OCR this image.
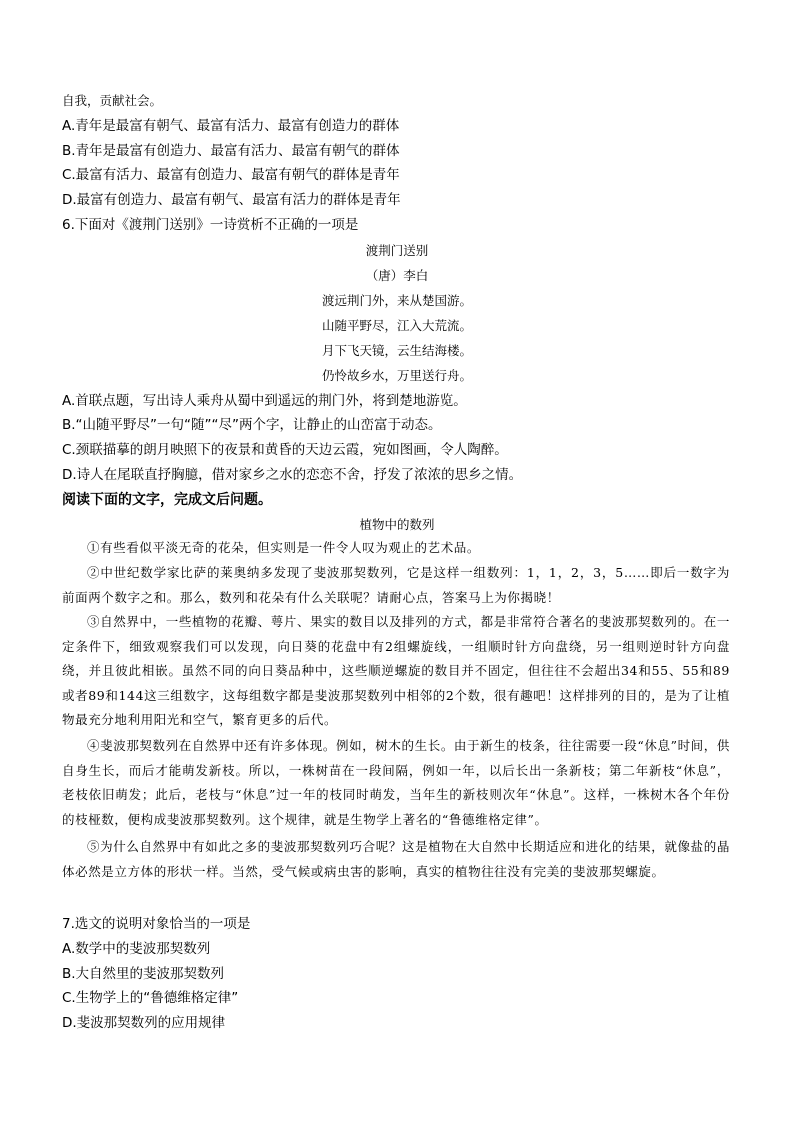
自我，贡献社会。
A.青年是最富有朝气、最富有活力、最富有创造力的群体
B.青年是最富有创造力、最富有活力、最富有朝气的群体
C.最富有活力、最富有创造力、最富有朝气的群体是青年
D.最富有创造力、最富有朝气、最富有活力的群体是青年
6.下面对《渡荆门送别》一诗赏析不正确的一项是
渡荆门送别
（唐）李白
渡远荆门外，来从楚国游。
山随平野尽，江入大荒流。
月下飞天镜，云生结海楼。
仍怜故乡水，万里送行舟。
A.首联点题，写出诗人乘舟从蜀中到遥远的荆门外，将到楚地游览。
B.“山随平野尽”一句“随”“尽”两个字，让静止的山峦富于动态。
C.颈联描摹的朗月映照下的夜景和黄昏的天边云霞，宛如图画，令人陶醉。
D.诗人在尾联直抒胸臆，借对家乡之水的恋恋不舍，抒发了浓浓的思乡之情。
阅读下面的文字，完成文后问题。
植物中的数列
①有些看似平淡无奇的花朵，但实则是一件令人叹为观止的艺术品。
②中世纪数学家比萨的莱奥纳多发现了斐波那契数列，它是这样一组数列：1，1，2，3，5……即后一数字为前面两个数字之和。那么，数列和花朵有什么关联呢？请耐心点，答案马上为你揭晓！
③自然界中，一些植物的花瓣、萼片、果实的数目以及排列的方式，都是非常符合著名的斐波那契数列的。在一定条件下，细致观察我们可以发现，向日葵的花盘中有2组螺旋线，一组顺时针方向盘绕，另一组则逆时针方向盘绕，并且彼此相嵌。虽然不同的向日葵品种中，这些顺逆螺旋的数目并不固定，但往往不会超出34和55、55和89或者89和144这三组数字，这每组数字都是斐波那契数列中相邻的2个数，很有趣吧！这样排列的目的，是为了让植物最充分地利用阳光和空气，繁育更多的后代。
④斐波那契数列在自然界中还有许多体现。例如，树木的生长。由于新生的枝条，往往需要一段“休息”时间，供自身生长，而后才能萌发新枝。所以，一株树苗在一段间隔，例如一年，以后长出一条新枝；第二年新枝“休息”，老枝依旧萌发；此后，老枝与“休息”过一年的枝同时萌发，当年生的新枝则次年“休息”。这样，一株树木各个年份的枝桠数，便构成斐波那契数列。这个规律，就是生物学上著名的“鲁德维格定律”。
⑤为什么自然界中有如此之多的斐波那契数列巧合呢？这是植物在大自然中长期适应和进化的结果，就像盐的晶体必然是立方体的形状一样。当然，受气候或病虫害的影响，真实的植物往往没有完美的斐波那契螺旋。
7.选文的说明对象恰当的一项是
A.数学中的斐波那契数列
B.大自然里的斐波那契数列
C.生物学上的“鲁德维格定律”
D.斐波那契数列的应用规律
